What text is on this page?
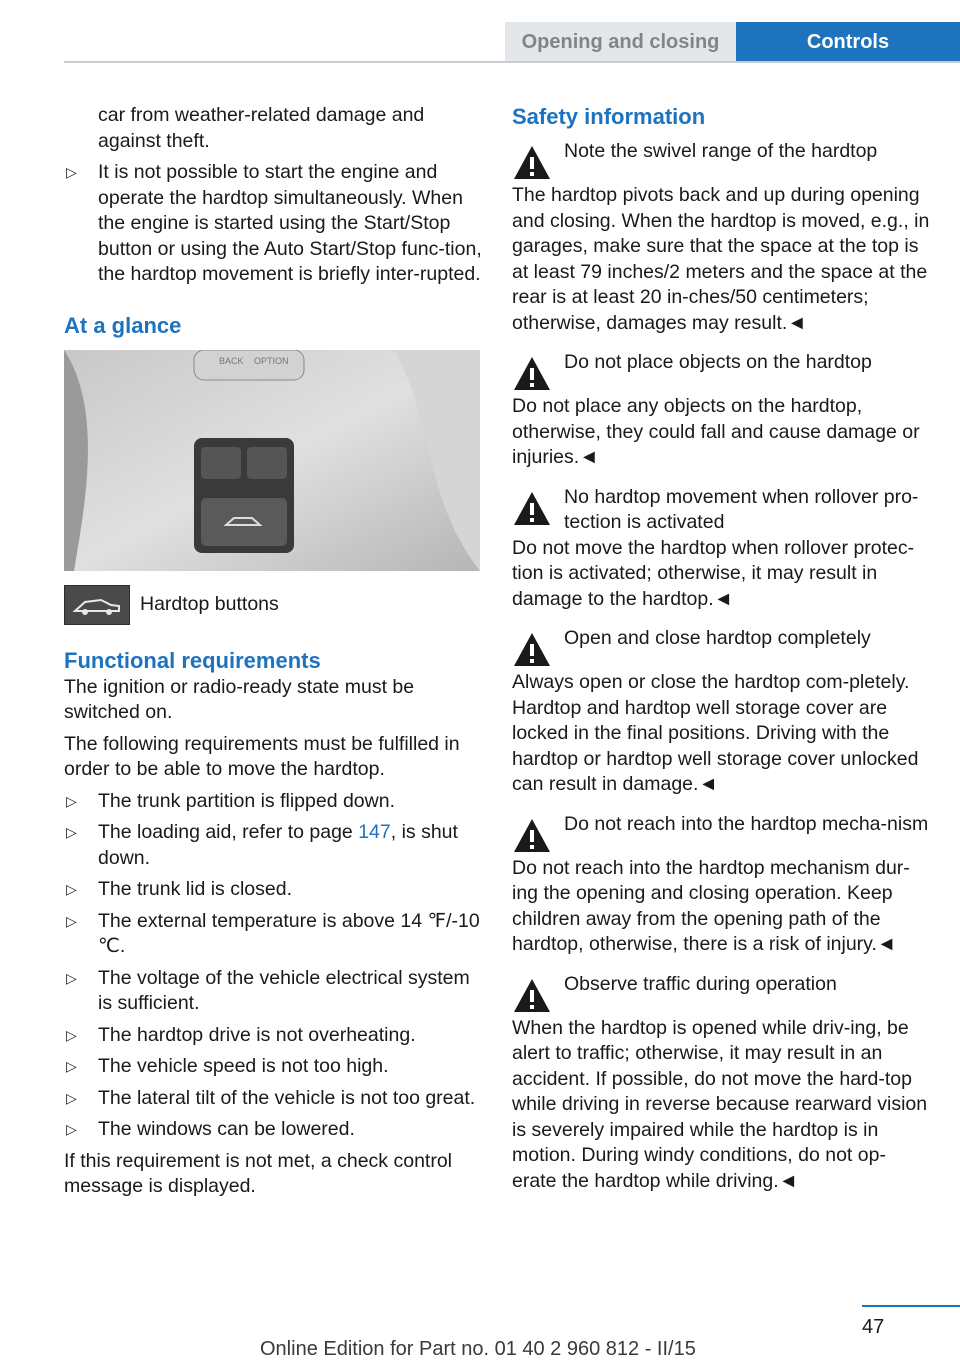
Opening and closing	Controls

car from weather-related damage and against theft.

▷ It is not possible to start the engine and operate the hardtop simultaneously. When the engine is started using the Start/Stop button or using the Auto Start/Stop func-tion, the hardtop movement is briefly inter-rupted.

At a glance

BACK OPTION
Hardtop buttons

Functional requirements

The ignition or radio-ready state must be switched on.

The following requirements must be fulfilled in order to be able to move the hardtop.

▷ The trunk partition is flipped down.
▷ The loading aid, refer to page 147, is shut down.
▷ The trunk lid is closed.
▷ The external temperature is above 14 ℉/-10 ℃.
▷ The voltage of the vehicle electrical system is sufficient.
▷ The hardtop drive is not overheating.
▷ The vehicle speed is not too high.
▷ The lateral tilt of the vehicle is not too great.
▷ The windows can be lowered.

If this requirement is not met, a check control message is displayed.

Safety information

Note the swivel range of the hardtop

The hardtop pivots back and up during opening and closing. When the hardtop is moved, e.g., in garages, make sure that the space at the top is at least 79 inches/2 meters and the space at the rear is at least 20 in-ches/50 centimeters; otherwise, damages may result.◄

Do not place objects on the hardtop

Do not place any objects on the hardtop, otherwise, they could fall and cause damage or injuries.◄

No hardtop movement when rollover pro-tection is activated

Do not move the hardtop when rollover protec-tion is activated; otherwise, it may result in damage to the hardtop.◄

Open and close hardtop completely

Always open or close the hardtop com-pletely. Hardtop and hardtop well storage cover are locked in the final positions. Driving with the hardtop or hardtop well storage cover unlocked can result in damage.◄

Do not reach into the hardtop mecha-nism

Do not reach into the hardtop mechanism dur-ing the opening and closing operation. Keep children away from the opening path of the hardtop, otherwise, there is a risk of injury.◄

Observe traffic during operation

When the hardtop is opened while driv-ing, be alert to traffic; otherwise, it may result in an accident. If possible, do not move the hard-top while driving in reverse because rearward vision is severely impaired while the hardtop is in motion. During windy conditions, do not op-erate the hardtop while driving.◄

47
Online Edition for Part no. 01 40 2 960 812 - II/15
